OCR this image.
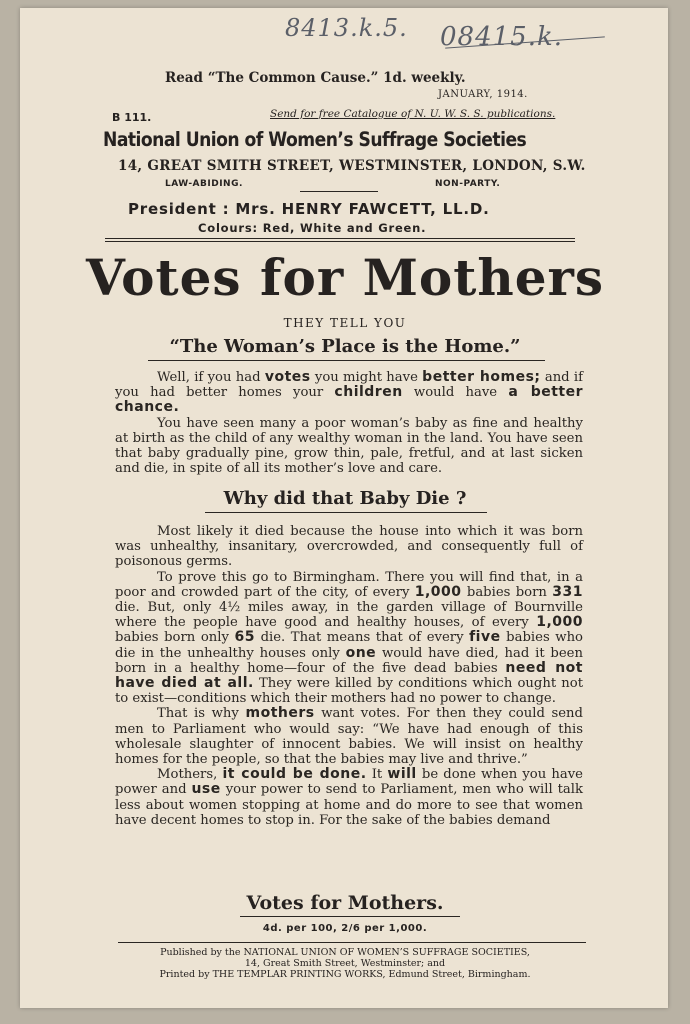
8413.k.5. 08415.k.
Read “The Common Cause.” 1d. weekly.
JANUARY, 1914.
B 111.	Send for free Catalogue of N. U. W. S. S. publications.
National Union of Women’s Suffrage Societies
14, GREAT SMITH STREET, WESTMINSTER, LONDON, S.W.
LAW-ABIDING.	NON-PARTY.
President : Mrs. HENRY FAWCETT, LL.D.
Colours: Red, White and Green.
Votes for Mothers
THEY TELL YOU
“The Woman’s Place is the Home.”

Well, if you had votes you might have better homes; and if you had better homes your children would have a better chance.

You have seen many a poor woman’s baby as fine and healthy at birth as the child of any wealthy woman in the land. You have seen that baby gradually pine, grow thin, pale, fretful, and at last sicken and die, in spite of all its mother’s love and care.

Why did that Baby Die ?

Most likely it died because the house into which it was born was unhealthy, insanitary, overcrowded, and consequently full of poisonous germs.

To prove this go to Birmingham. There you will find that, in a poor and crowded part of the city, of every 1,000 babies born 331 die. But, only 4½ miles away, in the garden village of Bournville where the people have good and healthy houses, of every 1,000 babies born only 65 die. That means that of every five babies who die in the unhealthy houses only one would have died, had it been born in a healthy home—four of the five dead babies need not have died at all. They were killed by conditions which ought not to exist—conditions which their mothers had no power to change.

That is why mothers want votes. For then they could send men to Parliament who would say: “We have had enough of this wholesale slaughter of innocent babies. We will insist on healthy homes for the people, so that the babies may live and thrive.”

Mothers, it could be done. It will be done when you have power and use your power to send to Parliament, men who will talk less about women stopping at home and do more to see that women have decent homes to stop in. For the sake of the babies demand

Votes for Mothers.
4d. per 100, 2/6 per 1,000.
Published by the NATIONAL UNION OF WOMEN’S SUFFRAGE SOCIETIES,
14, Great Smith Street, Westminster; and
Printed by THE TEMPLAR PRINTING WORKS, Edmund Street, Birmingham.
